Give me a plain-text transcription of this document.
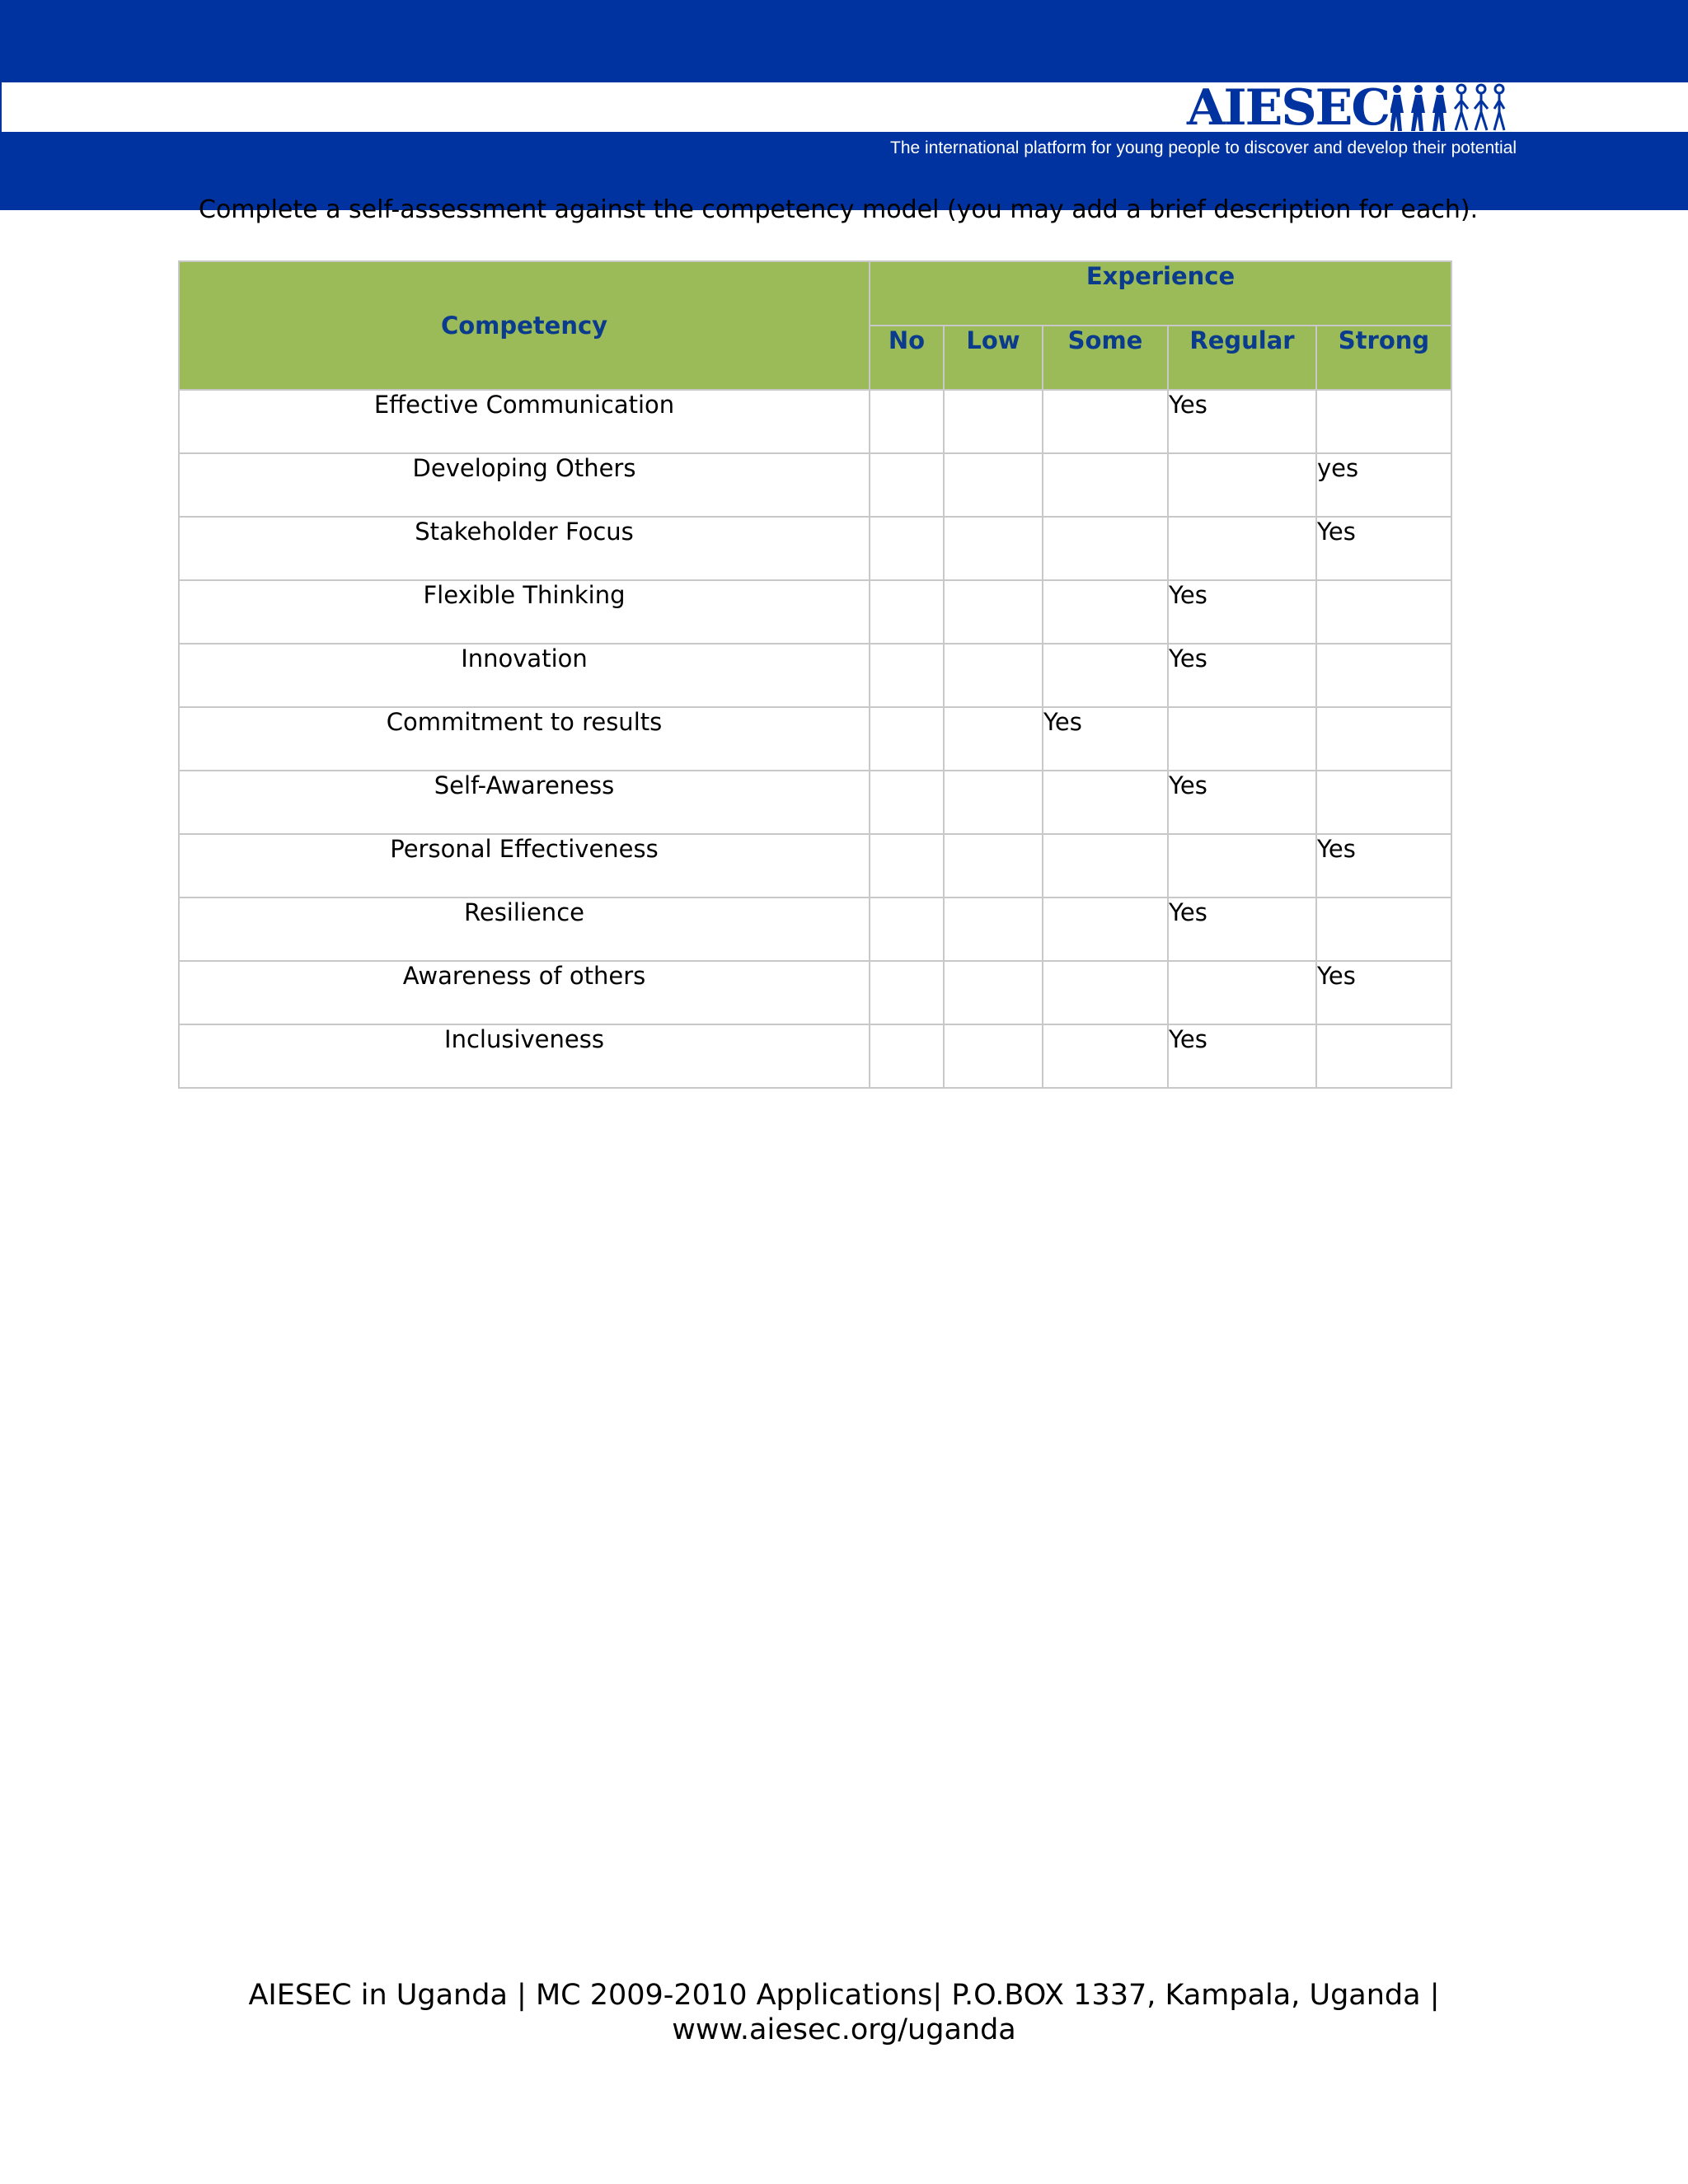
AIESEC
The international platform for young people to discover and develop their potential
Complete a self-assessment against the competency model (you may add a brief description for each).
Competency	Experience				
	No	Low	Some	Regular	Strong
Effective Communication				Yes	
Developing Others					yes
Stakeholder Focus					Yes
Flexible Thinking				Yes	
Innovation				Yes	
Commitment to results			Yes		
Self-Awareness				Yes	
Personal Effectiveness					Yes
Resilience				Yes	
Awareness of others					Yes
Inclusiveness				Yes	
AIESEC in Uganda | MC 2009-2010 Applications| P.O.BOX 1337, Kampala, Uganda |
www.aiesec.org/uganda
